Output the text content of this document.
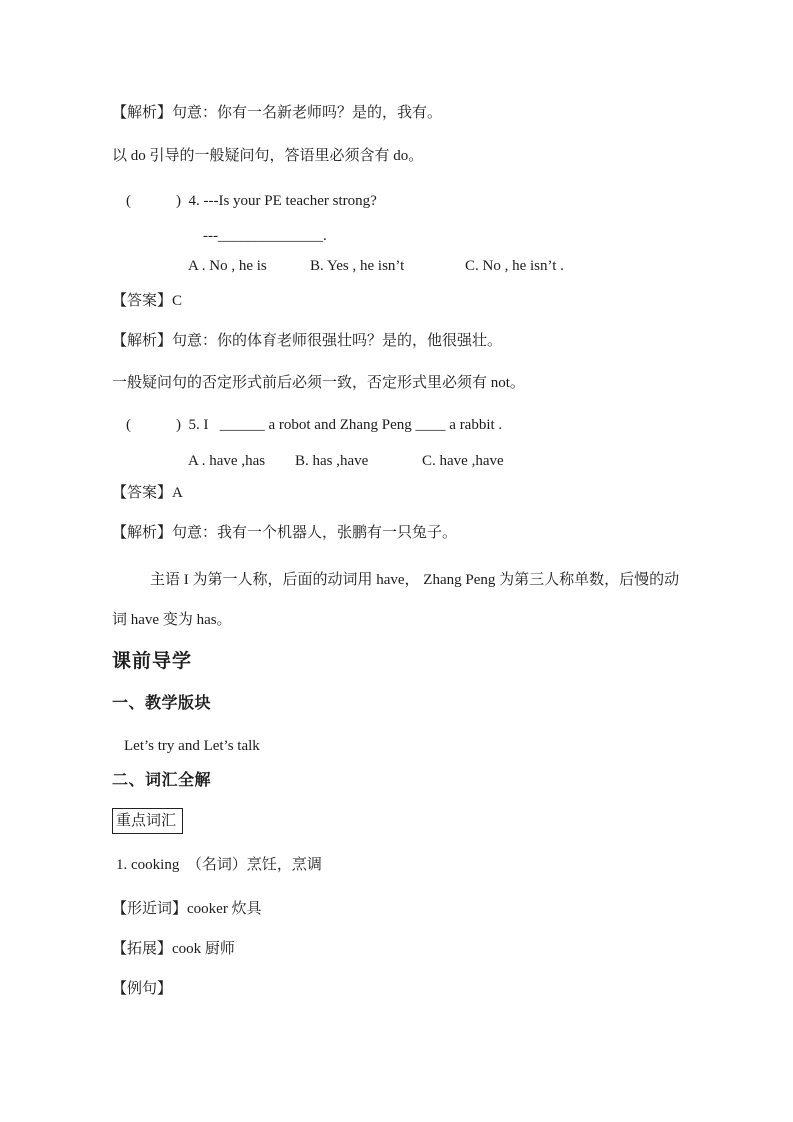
【解析】句意：你有一名新老师吗？是的，我有。
以 do 引导的一般疑问句，答语里必须含有 do。
(            )  4. ---Is your PE teacher strong?
---______________.
A . No , he is	B. Yes , he isn’t	C. No , he isn’t .
【答案】C
【解析】句意：你的体育老师很强壮吗？是的，他很强壮。
一般疑问句的否定形式前后必须一致，否定形式里必须有 not。
(            )  5. I   ______ a robot and Zhang Peng ____ a rabbit .
A . have ,has	B. has ,have	C. have ,have
【答案】A
【解析】句意：我有一个机器人，张鹏有一只兔子。
主语 I 为第一人称，后面的动词用 have， Zhang Peng 为第三人称单数，后慢的动词 have 变为 has。
课前导学
一、教学版块
Let’s try and Let’s talk
二、词汇全解
重点词汇
1. cooking　（名词）烹饪，烹调
【形近词】cooker 炊具
【拓展】cook 厨师
【例句】
